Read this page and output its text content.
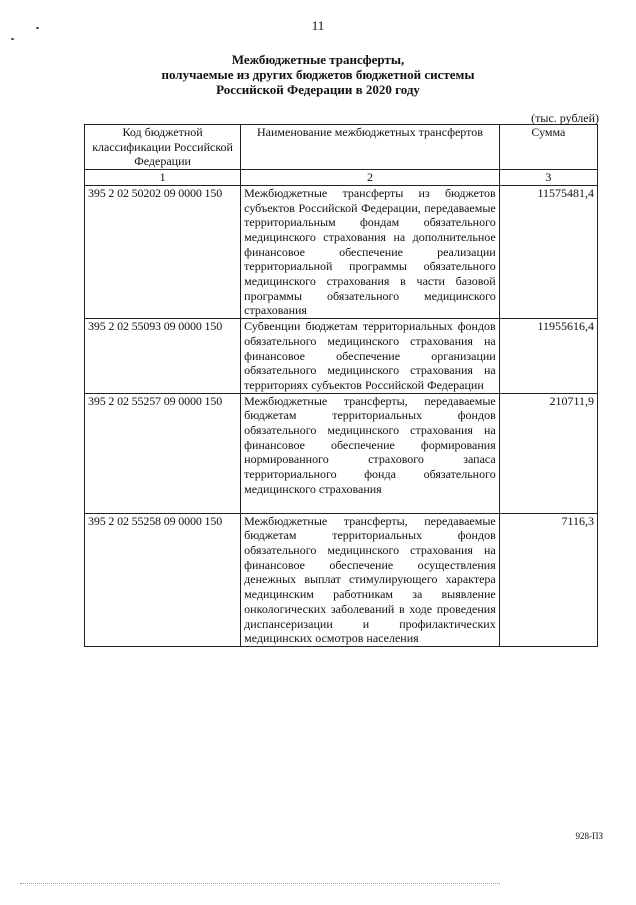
11
Межбюджетные трансферты,
получаемые из других бюджетов бюджетной системы
Российской Федерации в 2020 году
(тыс. рублей)
Код бюджетной классификации Российской Федерации	Наименование межбюджетных трансфертов	Сумма
1	2	3
395 2 02 50202 09 0000 150	Межбюджетные трансферты из бюджетов субъектов Российской Федерации, передаваемые территориальным фондам обязательного медицинского страхования на дополнительное финансовое обеспечение реализации территориальной программы обязательного медицинского страхования в части базовой программы обязательного медицинского страхования	11575481,4
395 2 02 55093 09 0000 150	Субвенции бюджетам территориальных фондов обязательного медицинского страхования на финансовое обеспечение организации обязательного медицинского страхования на территориях субъектов Российской Федерации	11955616,4
395 2 02 55257 09 0000 150	Межбюджетные трансферты, передаваемые бюджетам территориальных фондов обязательного медицинского страхования на финансовое обеспечение формирования нормированного страхового запаса территориального фонда обязательного медицинского страхования	210711,9
395 2 02 55258 09 0000 150	Межбюджетные трансферты, передаваемые бюджетам территориальных фондов обязательного медицинского страхования на финансовое обеспечение осуществления денежных выплат стимулирующего характера медицинским работникам за выявление онкологических заболеваний в ходе проведения диспансеризации и профилактических медицинских осмотров населения	7116,3
928-ПЗ
